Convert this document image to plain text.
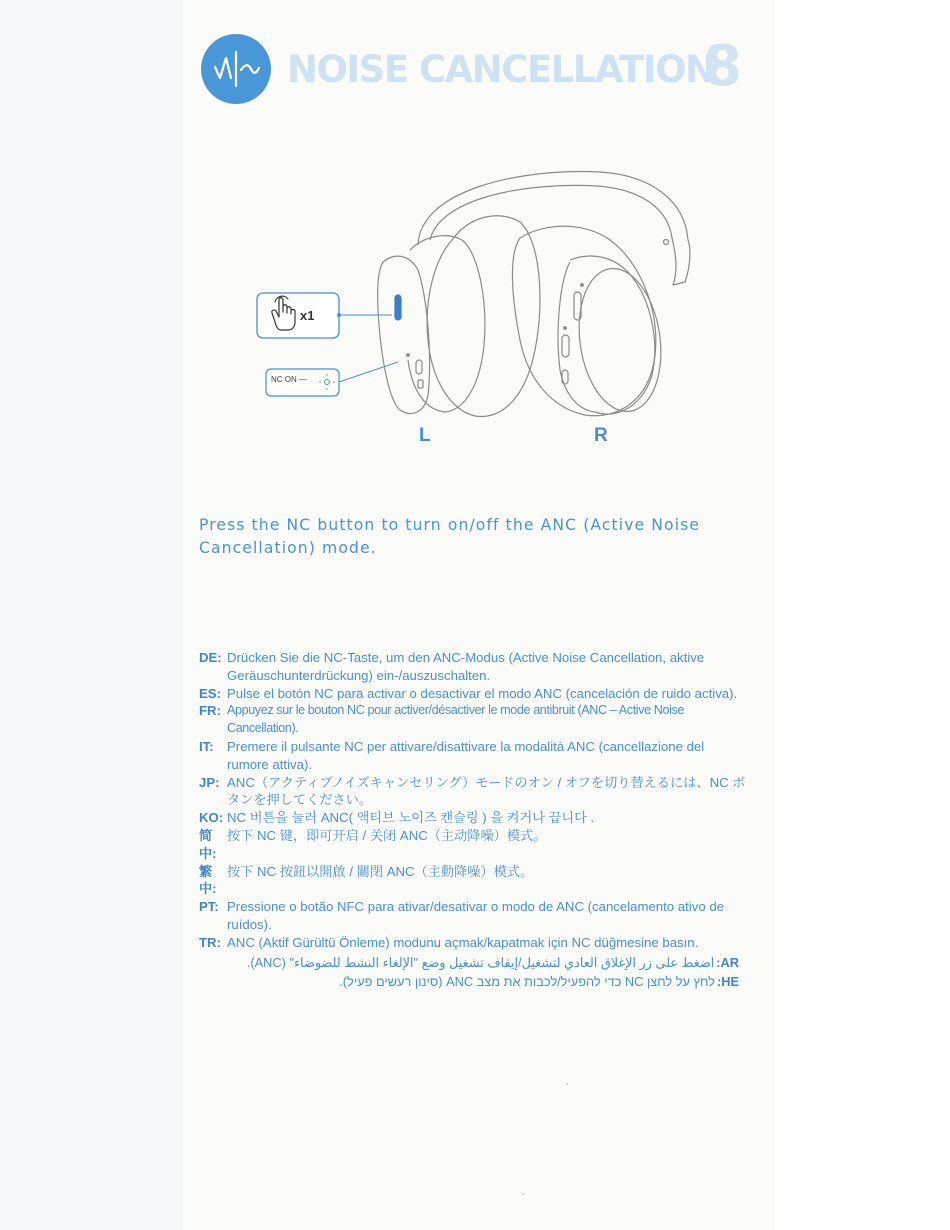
NOISE CANCELLATION
8
x1
NC ON —
L	R
Press the NC button to turn on/off the ANC (Active Noise Cancellation) mode.
DE: Drücken Sie die NC-Taste, um den ANC-Modus (Active Noise Cancellation, aktive Geräuschunterdrückung) ein-/auszuschalten.
ES: Pulse el botón NC para activar o desactivar el modo ANC (cancelación de ruido activa).
FR: Appuyez sur le bouton NC pour activer/désactiver le mode antibruit (ANC – Active Noise Cancellation).
IT:	Premere il pulsante NC per attivare/disattivare la modalità ANC (cancellazione del rumore attiva).
JP: ANC（アクティブノイズキャンセリング）モードのオン / オフを切り替えるには、NC ボタンを押してください。
KO: NC 버튼을 눌러 ANC( 액티브 노이즈 캔슬링 ) 을 켜거나 끕니다 .
简中:
按下 NC 键，即可开启 / 关闭 ANC（主动降噪）模式。
繁中:
按下 NC 按鈕以開啟 / 關閉 ANC（主動降噪）模式。
PT: Pressione o botão NFC para ativar/desativar o modo de ANC (cancelamento ativo de ruídos).
TR: ANC (Aktif Gürültü Önleme) modunu açmak/kapatmak için NC düğmesine basın.
AR:
اضغط على زر الإغلاق العادي لتشغيل/إيقاف تشغيل وضع "الإلغاء النشط للضوضاء" (ANC).
HE:
לחץ על לחצן NC כדי להפעיל/לכבות את מצב ANC (סינון רעשים פעיל).
